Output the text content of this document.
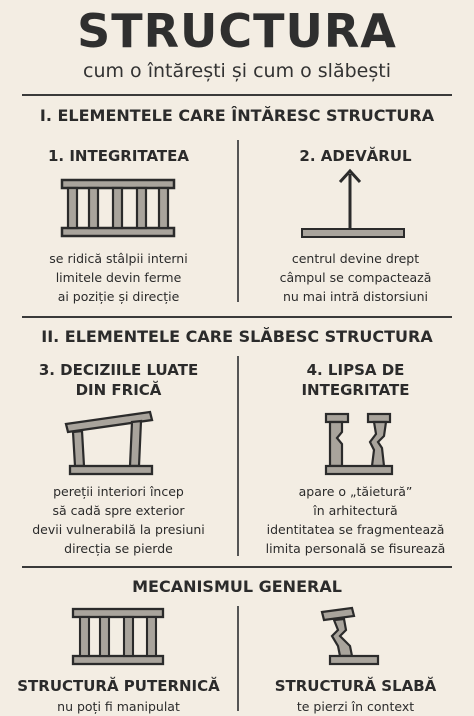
STRUCTURA
cum o întărești și cum o slăbești
I. ELEMENTELE CARE ÎNTĂRESC STRUCTURA
1. INTEGRITATEA
se ridică stâlpii interni
limitele devin ferme
ai poziție și direcție
2. ADEVĂRUL
centrul devine drept
câmpul se compactează
nu mai intră distorsiuni
II. ELEMENTELE CARE SLĂBESC STRUCTURA
3. DECIZIILE LUATE
DIN FRICĂ
pereții interiori încep
să cadă spre exterior
devii vulnerabilă la presiuni
direcția se pierde
4. LIPSA DE
INTEGRITATE
apare o „tăietură”
în arhitectură
identitatea se fragmentează
limita personală se fisurează
MECANISMUL GENERAL
STRUCTURĂ PUTERNICĂ
nu poți fi manipulat
STRUCTURĂ SLABĂ
te pierzi în context
